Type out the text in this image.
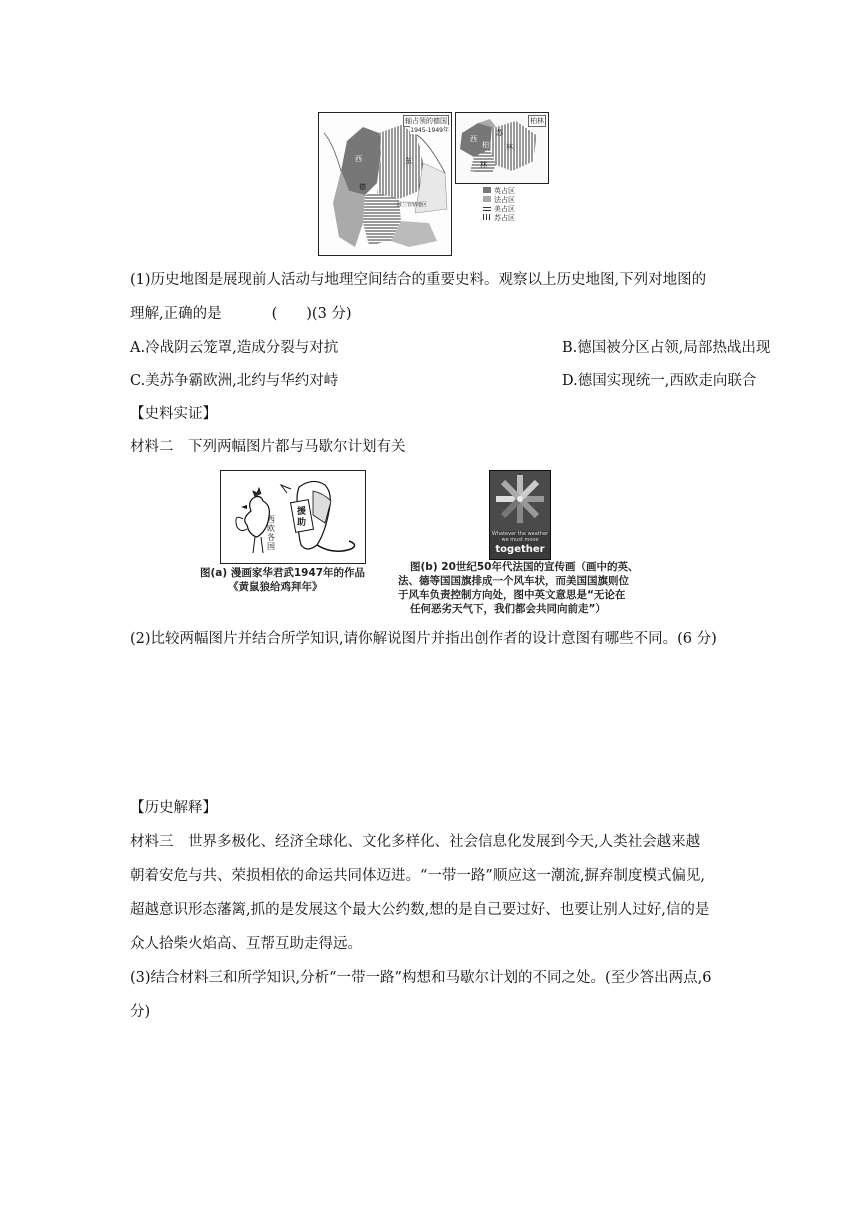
西	东
德
波兰管辖地区
轴占领的德国
1945-1949年
西
苏
柏 林
林
柏林
英占区
法占区
美占区
苏占区
(1)历史地图是展现前人活动与地理空间结合的重要史料。观察以上历史地图,下列对地图的
理解,正确的是	(　　)(3 分)
A.冷战阴云笼罩,造成分裂与对抗	B.德国被分区占领,局部热战出现
C.美苏争霸欧洲,北约与华约对峙	D.德国实现统一,西欧走向联合
【史料实证】
材料二　下列两幅图片都与马歇尔计划有关
西欧各国
援助
图(a) 漫画家华君武1947年的作品
《黄鼠狼给鸡拜年》
Whatever the weather
we must move
together
图(b) 20世纪50年代法国的宣传画（画中的英、
法、德等国国旗排成一个风车状，而美国国旗则位
于风车负责控制方向处，图中英文意思是“无论在
任何恶劣天气下，我们都会共同向前走”）
(2)比较两幅图片并结合所学知识,请你解说图片并指出创作者的设计意图有哪些不同。(6 分)
【历史解释】
材料三　世界多极化、经济全球化、文化多样化、社会信息化发展到今天,人类社会越来越
朝着安危与共、荣损相依的命运共同体迈进。“一带一路”顺应这一潮流,摒弃制度模式偏见,
超越意识形态藩篱,抓的是发展这个最大公约数,想的是自己要过好、也要让别人过好,信的是
众人拾柴火焰高、互帮互助走得远。
(3)结合材料三和所学知识,分析“一带一路”构想和马歇尔计划的不同之处。(至少答出两点,6
分)
